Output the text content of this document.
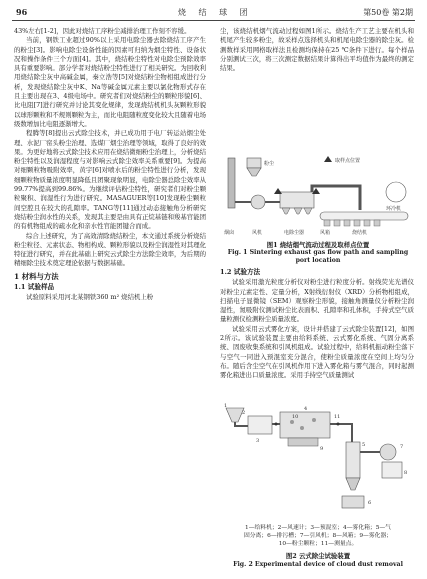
96	烧 结 球 团	第50卷 第2期

43%左右[1-2]，因此对烧结工序粉尘减排治理工作刻不容缓。

当前，钢铁工业超过90%以上采用电除尘器去除烧结工序产生的粉尘[3]。影响电除尘设备性能的因素可归纳为烟尘特性、设备状况和操作条件三个方面[4]。其中，烧结粉尘特性对电除尘预除效率具有重要影响。部分学者对烧结粉尘特性进行了相关研究。为回收利用烧结除尘灰中高碱金属，秦立浩等[5]对烧结粉尘物相组成进行分析，发现烧结除尘灰中K、Na等碱金属元素主要以氯化物形式存在且主要出现在3、4级电场中。研究者们对烧结粉尘的颗粒形貌[6]、比电阻[7]进行研究并讨论其变化规律，发现烧结机机头灰颗粒形貌以球形颗粒和不规则颗粒为主，而比电阻随粒度变化较大且随着电场级数增加比电阻逐渐增大。

程腾等[8]提出云式除尘技术，并已成功用于电厂转运站烟尘处理、水泥厂窑头粉尘治理、选煤厂烟尘治理等领域，取得了良好的效果。为更好地将云式除尘技术应用在烧结微细粉尘治理上，分析烧结粉尘特性以及润湿程度与对影响云式除尘效率关系重要[9]。为提高对细颗粒物吸附效率，黄宇[6]对喷水后的粉尘特性进行分析，发现细颗粒物质量浓度明显降低且团聚现象明显，电除尘器总除尘效率从99.77%提高到99.86%。为继续评估粉尘特性，研究者们对粉尘颗粒聚积、润湿性行为进行研究。MASAGUER等[10]发现粉尘颗粒间空腔且在较大的孔隙率。TANG等[11]通过动态接触角分析研究烧结粉尘润水性的关系，发现其主要是由具有正烷基链和羧基官能团的有机物组成的疏水化和亲水性官能团键合而成。

综合上述研究，为了高效清除烧结粉尘，本文通过系统分析烧结粉尘粒径、元素状态、物相构成、颗粒形貌以及粉尘润湿性对其理化特征进行研究，并在此基础上研究云式除尘方法除尘效率，为后期的精细除尘技术奠定理论依据与数据基础。

1 材料与方法
1.1 试验样品

试验原料采用河北某钢铁360 m² 烧结机上粉

尘，该烧结机烟气流动过程如图1所示。烧结生产工艺主要在机头和机尾产生较多粉尘，故采样点选择机头和机尾电除尘器的除尘灰。检测数样采用网格取样法且检测均保持在25 ℃条件下进行。每个样品分别测试三次，将三次测定数据结果计算得出平均值作为最终的测定结果。

粉尘	取样点位置
烟囱	风机	电除尘器	风箱	烧结机
环冷机
图1 烧结烟气流动过程及取样点位置
Fig. 1 Sintering exhaust gas flow path and sampling
port location
1.2 试验方法

试验采用激光粒度分析仪对粉尘进行粒度分析。射线荧光光谱仪对粉尘元素定性、定量分析，X射线衍射仪（XRD）分析物相组成，扫描电子显微镜（SEM）观察粉尘形貌，接触角测量仪分析粉尘润湿性，氮吸附仪测试粉尘比表面积、孔隙率和孔体积，手持式空气质量粒测仪检测粉尘质量浓度。

试验采用云式雾化方案，设计并搭建了云式除尘装置[12]，如图2所示。该试验装置主要由给料系统、云式雾化系统、气固分离系统、固废收集系统和引风机组成。试验过程中，给料机振动粉尘落下与空气一同进入预混室充分混合，使粉尘质量浓度在空间上均匀分布。随后含尘空气在引风机作用下进入雾化箱与雾气混合，同时起测雾化箱进出口质量浓度。采用手持空气质量测试

1
2
3
4
5
6
7
8
9
10	11
1—给料机；2—风速计；3—预混室；4—雾化箱；5—气
固分离；6—排污槽；7—引风机；8—风箱；9—雾化器；
10—粉尘颗粒；11—测量点。
图2 云式除尘试验装置
Fig. 2 Experimental device of cloud dust removal
